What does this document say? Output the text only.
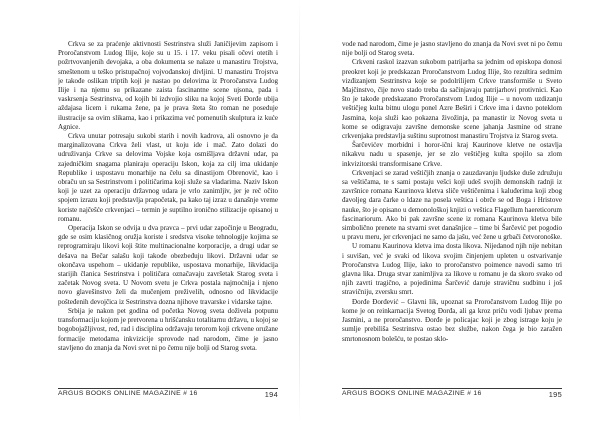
Crkva se za praćenje aktivnosti Sestrinstva služi Janičijevim zapisom i Proročanstvom Ludog Ilije, koje su u 15. i 17. veku pisali očevi otetih i požrtvovanjenih devojaka, a oba dokumenta se nalaze u manastiru Trojstva, smeštenom u teško pristupačnoj vojvođanskoj divljini. U manastiru Trojstva je takođe oslikan triptih koji je nastao po delovima iz Proročanstva Ludog Ilije i na njemu su prikazane zaista fascinantne scene ujsona, pada i vaskrsenja Sestrinstva, od kojih bi izdvojio sliku na kojoj Sveti Đorđe ubija aždajasa licem i rukama žene, pa je prava šteta što roman ne poseduje ilustracije sa ovim slikama, kao i prikazima već pomenutih skulptura iz kuće Agnice.

Crkva unutar potresaju sukobi starih i novih kadrova, ali osnovno je da marginalizovana Crkva želi vlast, ut koju ide i mač. Zato dolazi do udruživanja Crkve sa delovima Vojske koja osmišljava državni udar, pa zajedničkim snagama planiraju operaciju Iskon, koja za cilj ima ukidanje Republike i uspostavu monarhije na čelu sa dinastijom Obrenović, kao i obraču un sa Sestrinstvom i političarima koji služe sa vladarima. Naziv Iskon koji je uzet za operaciju državnog udara je vrlo zanimljiv, jer je reč očito spojem izrazu koji predstavlja prapočetak, pa kako taj izraz u današnje vreme koriste najčešće crkvenjaci – termin je suptilno ironično stilizacije opisanoj u romanu.

Operacija Iskon se odvija u dva pravca – prvi udar započinje u Beogradu, gde se osim klasičnog oružja koriste i sredstva visoke tehnologije kojima se reprogramiraju likovi koji štite multinacionalne korporacije, a drugi udar se dešava na Bečar salašu koji takođe obezbeđuju likovi. Državni udar se okončava uspehom – ukidanje republike, uspostava monarhije, likvidacija starijih članica Sestrinstva i političara označavaju završetak Starog sveta i začetak Novog sveta. U Novom svetu je Crkva postala najmoćnija i njeno novo glavešinstvo želi da mučenjem preživelih, odnosno od likvidacije pošteđenih devojčica iz Sestrinstva dozna njihove travarske i vidarske tajne.

Srbija je nakon pet godina od početka Novog sveta doživela potpunu transformaciju kojom je pretvorena u hrišćansku totalitarnu državu, u kojoj se bogobojažljivost, red, rad i disciplina održavaju terorom koji crkvene oružane formacije metodama inkvizicije sprovode nad narodom, čime je jasno stavljeno do znanja da Novi svet ni po čemu nije bolji od Starog sveta.

ARGUS BOOKS ONLINE MAGAZINE # 16	194

vode nad narodom, čime je jasno stavljeno do znanja da Novi svet ni po čemu nije bolji od Starog sveta.

Crkveni raskol izazvan sukobom patrijarha sa jednim od episkopa donosi preokret koji je predskazan Proročanstvom Ludog Ilije, što rezultira sedmim vizđizanjem Sestrinstva koje se podolrilijem Crkve transformiše u Sveto Majčinstvo, čije novo stado treba da sačinjavaju patrijarhovi protivnici. Kao što je takođe predskazano Proročanstvom Ludog Ilije – u novom uzdizanju veštičjeg kulta bitnu ulogu ponel Azre Beširi i Crkve ima i davno poteklom Jasmina, koja služi kao pokazna živožinja, pa manastir iz Novog sveta u kome se odigravaju završne demonske scene jahanja Jasmine od strane crkvenjaka predstavlja suštinu suprotnost manastiru Trojstva iz Starog sveta.

Šarčevićev morbidni i horor-ični kraj Kaurinove kletve ne ostavlja nikakvu nadu u spasenje, jer se zlo veštičjeg kulta spojilo sa zlom inkvizitorski transformisane Crkve.

Crkvenjaci se zarad veštičjih znanja o zauzdavanju ljudske duše združuju sa veštičama, te s sami postaju vešci koji udeš svojih demonskih radnji iz završnice romana Kaurinova kletva sliče veštičenima i kaluđerima koji zbog đavoljeg dara čarke o ldaze na posela veštica i obrče se od Boga i Hristove nauke, što je opisano u demonološkoj knjizi o veštica Flagellum haereticorum fascinariorum. Ako bi pak završne scene iz romana Kaurinova kletva bile simbolično prenete na stvarni svet današnjice – time bi Šarčević pet pogodio u pravu meru, jer crkvenjaci ne samo da jašu, već žene u grbači četvoronoške.

U romanu Kaurinova kletva ima dosta likova. Nijedanod njih nije nebitan i suvišan, već je svaki od likova svojim činjenjem upleten u ostvarivanje Proročanstva Ludog Ilije, iako to proročanstvo poimence navodi samo tri glavna lika. Druga stvar zanimljiva za likove u romanu je da skoro svako od njih zavrti tragično, a pojedinima Šarčević daruje stravičnu sudbinu i još stravičniju, zversku smrt.

Đorđe Đorđević – Glavni lik, upoznat sa Proročanstvom Ludog Ilije po kome je on reinkarnacija Svetog Đorđa, ali ga kroz priču vodi ljubav prema Jasmini, a ne proročanstvo. Đorđe je policajac koji je zbog istrage koju je sumlje prebiliša Sestrinstva ostao bez službe, nakon čega je bio zaražen smrtonosnom bolešću, te postao sklo-

ARGUS BOOKS ONLINE MAGAZINE # 16	195
